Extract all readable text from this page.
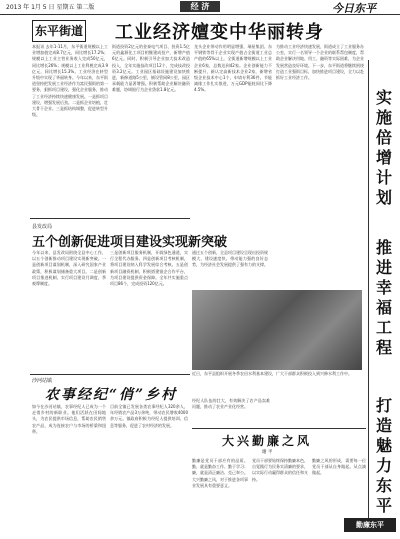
2013 年 1月 5 日 星期五 第二版	经 济	今日东平
东平街道 工业经济嬗变中华丽转身
本报讯 去年1-11月，东平街道规模以上工业增加值完成8.7亿元，同比增长17.2%；规模以上工业主营业务收入完成50亿元，同比增长26%；规模以上工业利税完成3.9亿元，同比增长15.3%。工业经济在转型升级中实现了华丽转身。今年以来，东平街道坚持把发展工业经济作为富民强街的第一要务，狠抓项目建设，强化企业服务，推动了工业经济持续快速健康发展。一是抓项目建设，增强发展后劲。二是抓企业培植，壮大骨干企业。三是抓结构调整，促进转型升级。
街道投资2亿元的金泰电气项目、投资1.5亿元的鑫源化工项目相继建成投产，新增产值6亿元。同时，积极引导企业加大技术改造投入，全年实施技改项目12个，完成技改投资3.2亿元。工业园区基础设施建设加快推进，新修道路5公里，铺设管网8公里，园区承载能力显著增强。积极帮助企业解决融资难题，协调银行为企业贷款1.8亿元。
龙头企业带动作用明显增强，瑞星集团、东平钢铁等骨干企业实现产值占全街道工业总产值的65%以上。全街道新增规模以上工业企业6家，总数达到42家。企业创新能力不断提升，新认定高新技术企业2家，新增省级企业技术中心1个，申请专利36件。节能减排工作扎实推进，万元GDP能耗同比下降4.5%。
为推动工业经济快速发展，街道成立了工业服务办公室，实行一名领导一个企业的联系帮包制度，帮助企业解决用地、用工、融资等实际困难，为企业发展营造良好环境。下一步，东平街道将继续围绕打造工业强街目标，加快推进项目建设，全力以赴抓好工业经济工作。
县发改局
五个创新促进项目建设实现新突破
今年以来，县发改局围绕全县中心工作，以五个创新推动项目建设实现新突破。一是创新项目谋划机制，深入研究国家产业政策，积极谋划储备重大项目。二是创新项目推进机制，实行项目建设月调度、季观摩制度。
三是创新项目服务机制，开辟绿色通道，实行全程代办服务。四是创新项目考核机制，将项目建设纳入科学发展综合考核。五是创新项目融资机制，积极搭建银企合作平台，为项目建设提供资金保障。全年共实施重点项目86个，完成投资120亿元。
通过五个创新，全县项目建设呈现出投资规模大、建设速度快、带动能力强的良好态势，为经济社会发展提供了强有力的支撑。
近日，东平县组织开展冬季农田水利基本建设，广大干部群众积极投入到兴修水利工作中。
沙河站镇
农事经纪“俏”乡村
如今在沙河站镇，农事经纪人已成为一个走俏乡村的新职业。他们活跃在田间地头，为农民提供市场信息，帮助农民销售农产品，成为连接农户与市场的桥梁和纽带。
目前全镇已发展各类农事经纪人320余人，年经销农产品3万余吨，带动农民增收4000余万元。镇政府积极为经纪人提供培训、信息等服务，促进了农村经济的发展。
经纪人队伍的壮大，有效解决了农产品卖难问题，推动了农业产业化经营。
大兴勤廉之风
谢 平
勤廉是党员干部应有的品质。勤，就是勤奋工作、勤于学习；廉，就是清正廉洁、克己奉公。大兴勤廉之风，对于推进各项事业发展具有重要意义。
党员干部要始终保持勤廉本色，自觉践行为民务实清廉的要求，以实际行动赢得群众的信任和支持。
勤廉之风的形成，需要每一位党员干部从自身做起，从点滴做起。
实施倍增计划
推进幸福工程
打造魅力东平
勤廉东平
